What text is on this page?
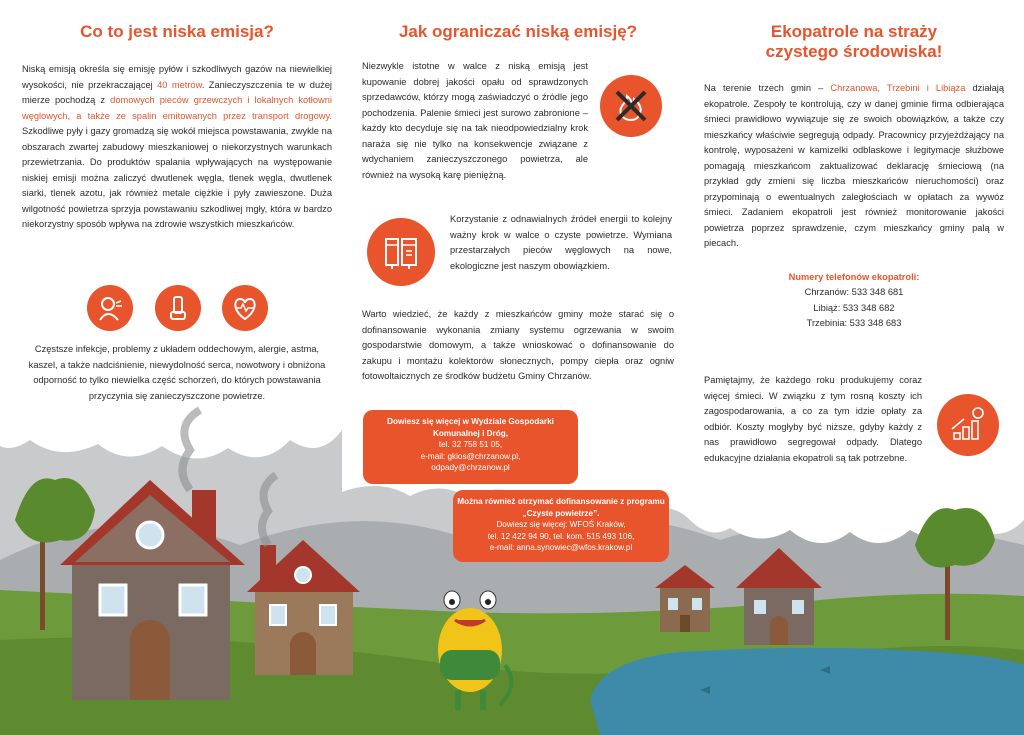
Co to jest niska emisja?

Niską emisją określa się emisję pyłów i szkodliwych gazów na niewielkiej wysokości, nie przekraczającej 40 metrów. Zanieczyszczenia te w dużej mierze pochodzą z domowych pieców grzewczych i lokalnych kotłowni węglowych, a także ze spalin emitowanych przez transport drogowy. Szkodliwe pyły i gazy gromadzą się wokół miejsca powstawania, zwykle na obszarach zwartej zabudowy mieszkaniowej o niekorzystnych warunkach przewietrzania. Do produktów spalania wpływających na występowanie niskiej emisji można zaliczyć dwutlenek węgla, tlenek węgla, dwutlenek siarki, tlenek azotu, jak również metale ciężkie i pyły zawieszone. Duża wilgotność powietrza sprzyja powstawaniu szkodliwej mgły, która w bardzo niekorzystny sposób wpływa na zdrowie wszystkich mieszkańców.

Częstsze infekcje, problemy z układem oddechowym, alergie, astma, kaszel, a także nadciśnienie, niewydolność serca, nowotwory i obniżona odporność to tylko niewielka część schorzeń, do których powstawania przyczynia się zanieczyszczone powietrze.

Jak ograniczać niską emisję?

Niezwykle istotne w walce z niską emisją jest kupowanie dobrej jakości opału od sprawdzonych sprzedawców, którzy mogą zaświadczyć o źródle jego pochodzenia. Palenie śmieci jest surowo zabronione – każdy kto decyduje się na tak nieodpowiedzialny krok naraża się nie tylko na konsekwencje związane z wdychaniem zanieczyszczonego powietrza, ale również na wysoką karę pieniężną.

Korzystanie z odnawialnych źródeł energii to kolejny ważny krok w walce o czyste powietrze. Wymiana przestarzałych pieców węglowych na nowe, ekologiczne jest naszym obowiązkiem.

Warto wiedzieć, że każdy z mieszkańców gminy może starać się o dofinansowanie wykonania zmiany systemu ogrzewania w swoim gospodarstwie domowym, a także wnioskować o dofinansowanie do zakupu i montażu kolektorów słonecznych, pompy ciepła oraz ogniw fotowoltaicznych ze środków budżetu Gminy Chrzanów.

Dowiesz się więcej w Wydziale Gospodarki Komunalnej i Dróg,
tel. 32 758 51 05,
e-mail: gkios@chrzanow.pl,
odpady@chrzanow.pl
Można również otrzymać dofinansowanie z programu „Czyste powietrze”.
Dowiesz się więcej: WFOŚ Kraków,
tel. 12 422 94 90, tel. kom. 515 493 106,
e-mail: anna.synowiec@wfos.krakow.pl
Ekopatrole na straży czystego środowiska!

Na terenie trzech gmin – Chrzanowa, Trzebini i Libiąża działają ekopatrole. Zespoły te kontrolują, czy w danej gminie firma odbierająca śmieci prawidłowo wywiązuje się ze swoich obowiązków, a także czy mieszkańcy właściwie segregują odpady. Pracownicy przyjeżdżający na kontrolę, wyposażeni w kamizelki odblaskowe i legitymacje służbowe pomagają mieszkańcom zaktualizować deklarację śmieciową (na przykład gdy zmieni się liczba mieszkańców nieruchomości) oraz przypominają o ewentualnych zaległościach w opłatach za wywóz śmieci. Zadaniem ekopatroli jest również monitorowanie jakości powietrza poprzez sprawdzenie, czym mieszkańcy gminy palą w piecach.

Numery telefonów ekopatroli:
Chrzanów: 533 348 681
Libiąż: 533 348 682
Trzebinia: 533 348 683

Pamiętajmy, że każdego roku produkujemy coraz więcej śmieci. W związku z tym rosną koszty ich zagospodarowania, a co za tym idzie opłaty za odbiór. Koszty mogłyby być niższe, gdyby każdy z nas prawidłowo segregował odpady. Dlatego edukacyjne działania ekopatroli są tak potrzebne.
